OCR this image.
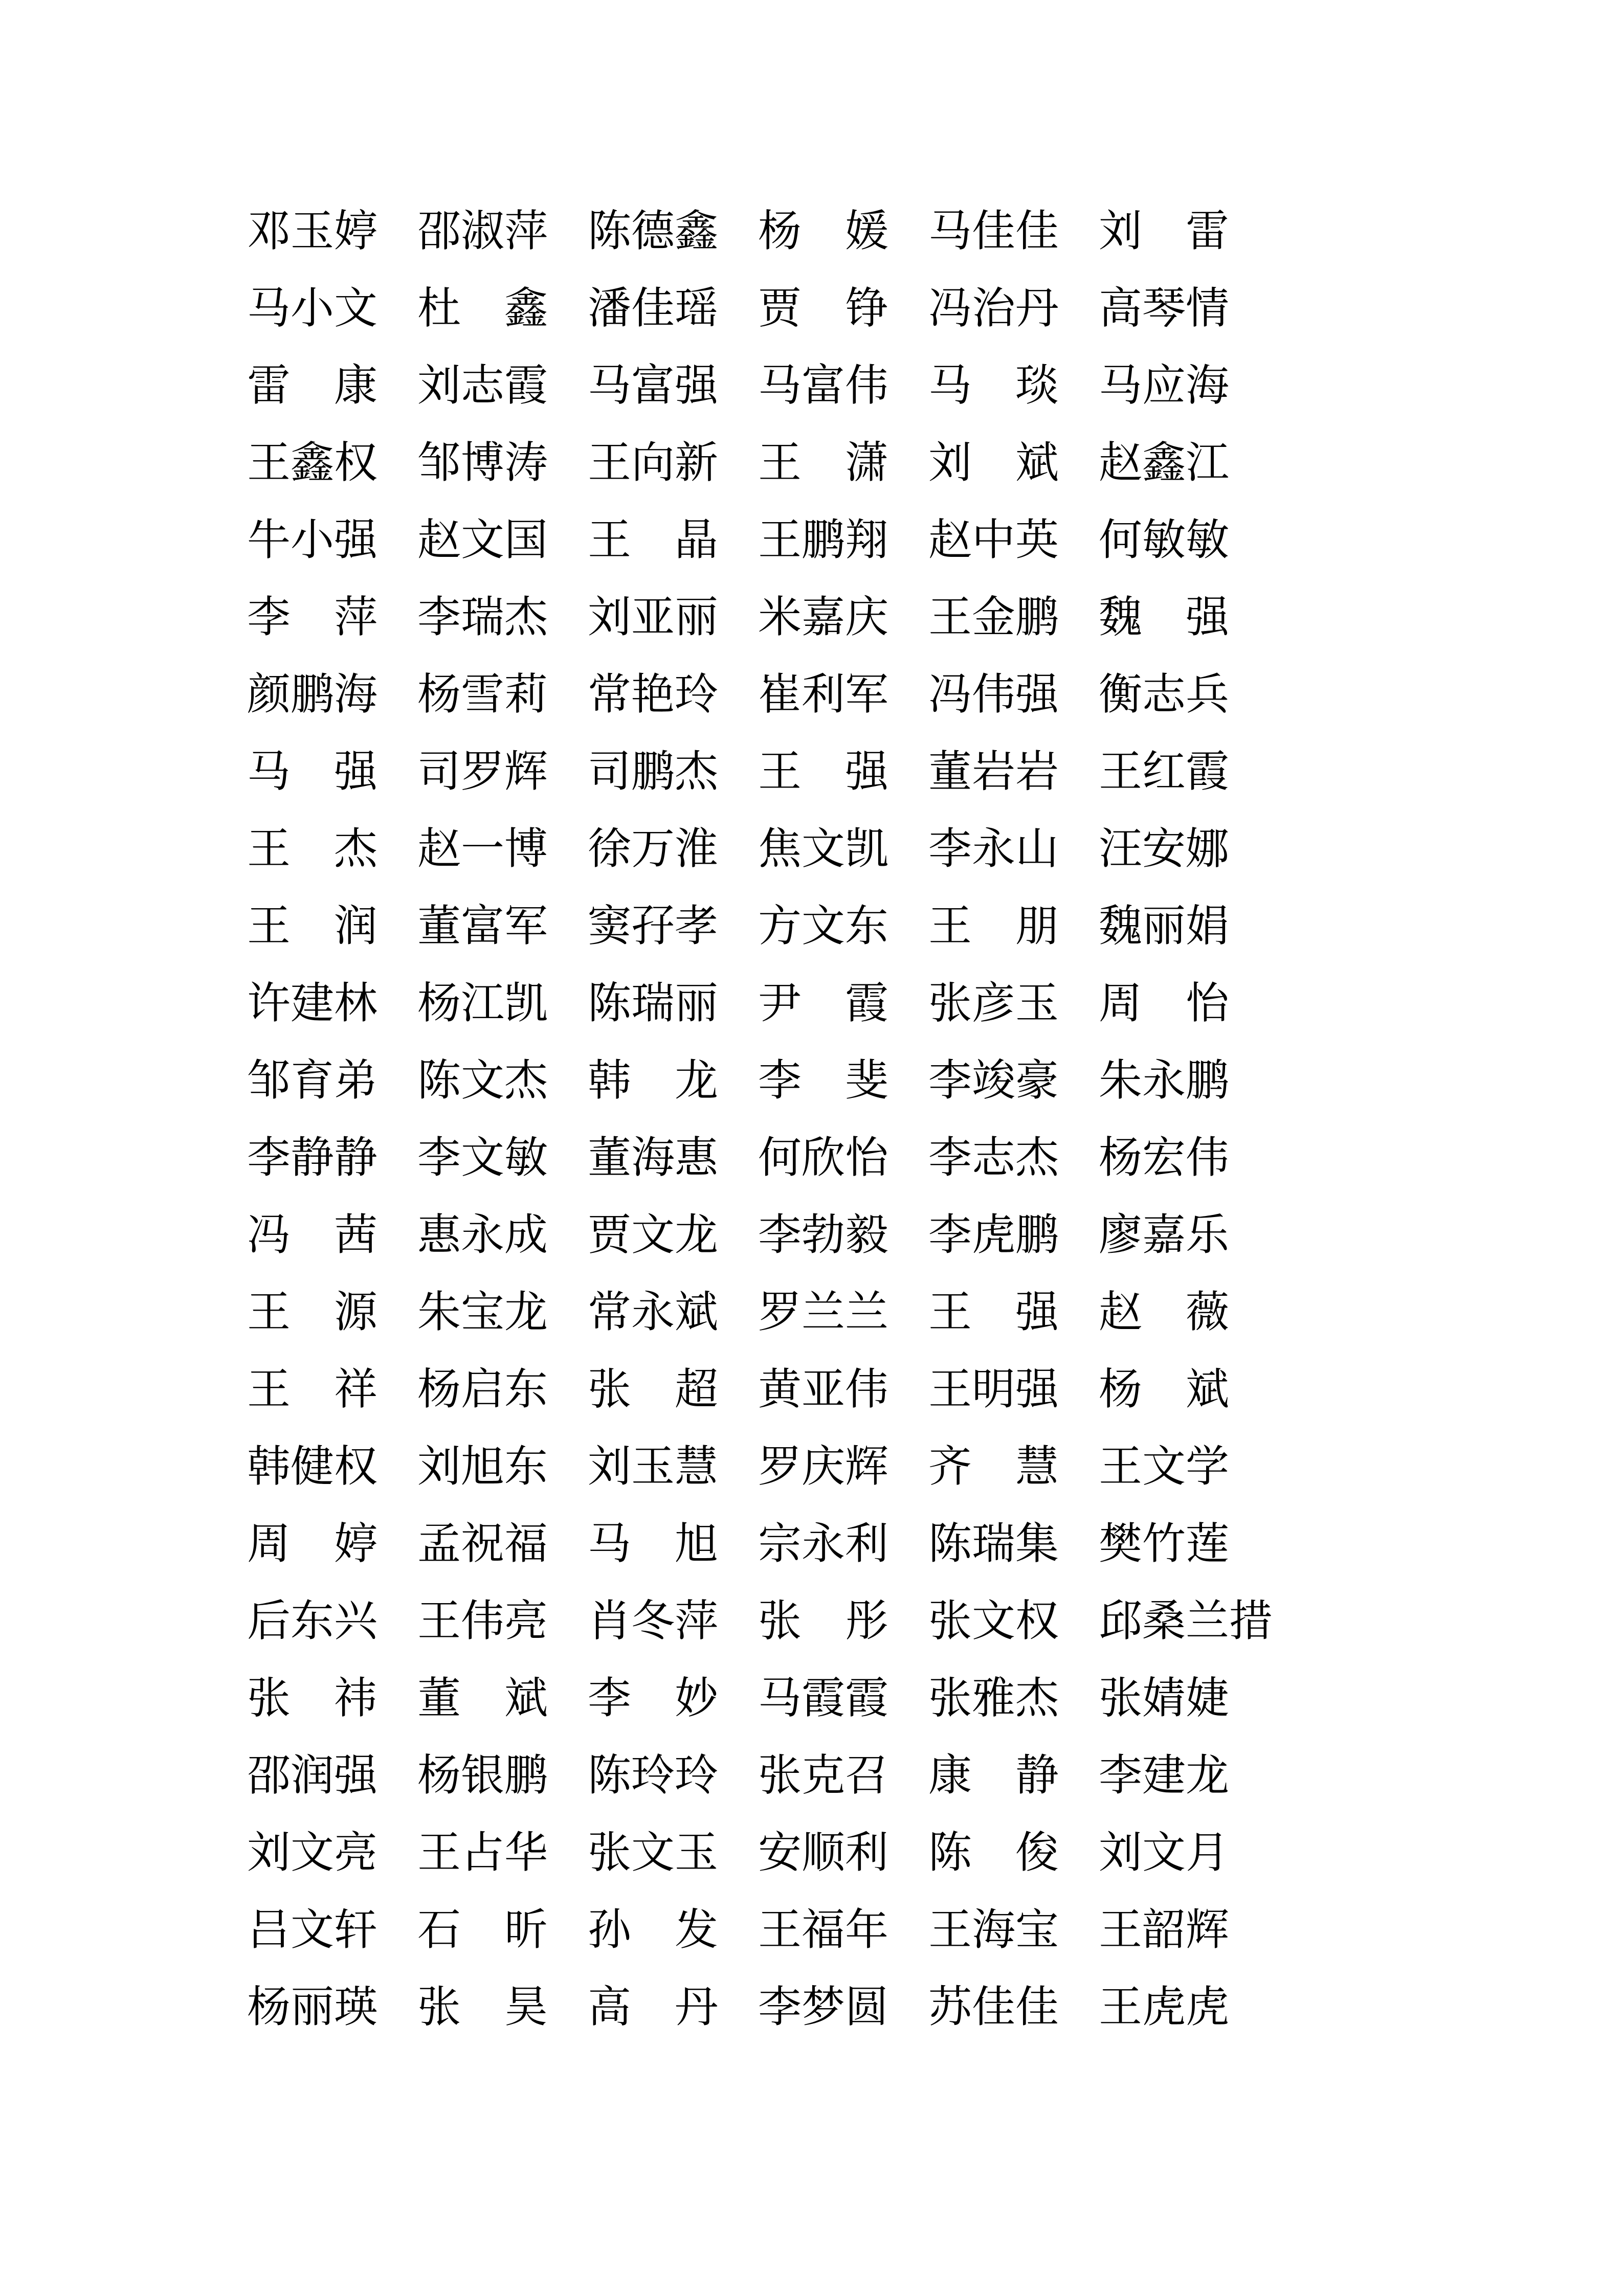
邓玉婷 邵淑萍 陈德鑫 杨　媛 马佳佳 刘　雷
马小文 杜　鑫 潘佳瑶 贾　铮 冯治丹 高琴情
雷　康 刘志霞 马富强 马富伟 马　琰 马应海
王鑫权 邹博涛 王向新 王　潇 刘　斌 赵鑫江
牛小强 赵文国 王　晶 王鹏翔 赵中英 何敏敏
李　萍 李瑞杰 刘亚丽 米嘉庆 王金鹏 魏　强
颜鹏海 杨雪莉 常艳玲 崔利军 冯伟强 衡志兵
马　强 司罗辉 司鹏杰 王　强 董岩岩 王红霞
王　杰 赵一博 徐万淮 焦文凯 李永山 汪安娜
王　润 董富军 窦孖孝 方文东 王　朋 魏丽娟
许建林 杨江凯 陈瑞丽 尹　霞 张彦玉 周　怡
邹育弟 陈文杰 韩　龙 李　斐 李竣豪 朱永鹏
李静静 李文敏 董海惠 何欣怡 李志杰 杨宏伟
冯　茜 惠永成 贾文龙 李勃毅 李虎鹏 廖嘉乐
王　源 朱宝龙 常永斌 罗兰兰 王　强 赵　薇
王　祥 杨启东 张　超 黄亚伟 王明强 杨　斌
韩健权 刘旭东 刘玉慧 罗庆辉 齐　慧 王文学
周　婷 孟祝福 马　旭 宗永利 陈瑞集 樊竹莲
后东兴 王伟亮 肖冬萍 张　彤 张文权 邱桑兰措
张　祎 董　斌 李　妙 马霞霞 张雅杰 张婧婕
邵润强 杨银鹏 陈玲玲 张克召 康　静 李建龙
刘文亮 王占华 张文玉 安顺利 陈　俊 刘文月
吕文轩 石　昕 孙　发 王福年 王海宝 王韶辉
杨丽瑛 张　昊 高　丹 李梦圆 苏佳佳 王虎虎
